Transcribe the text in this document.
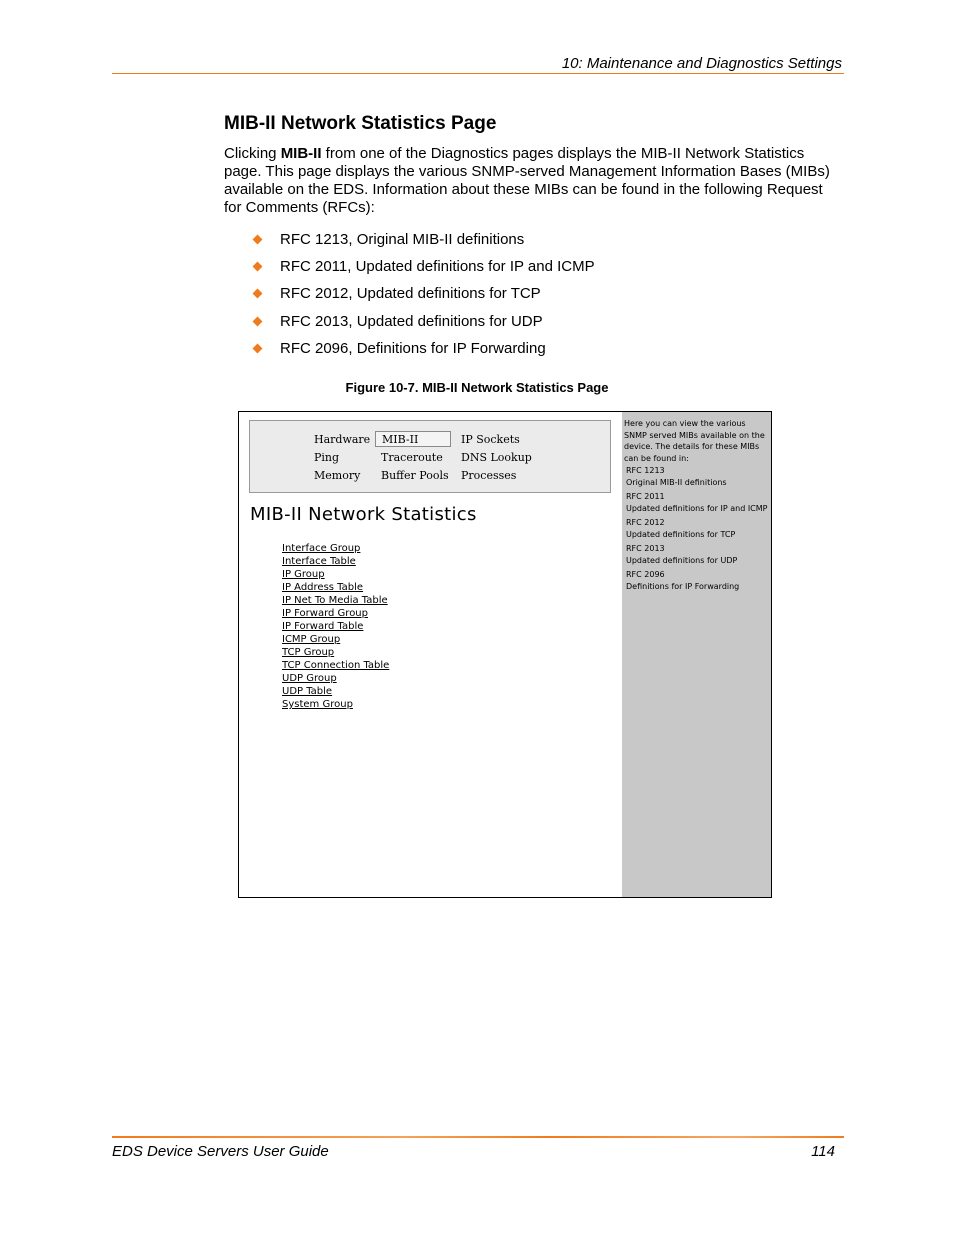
10: Maintenance and Diagnostics Settings
MIB-II Network Statistics Page

Clicking MIB-II from one of the Diagnostics pages displays the MIB-II Network Statistics page. This page displays the various SNMP-served Management Information Bases (MIBs) available on the EDS. Information about these MIBs can be found in the following Request for Comments (RFCs):

RFC 1213, Original MIB-II definitions
RFC 2011, Updated definitions for IP and ICMP
RFC 2012, Updated definitions for TCP
RFC 2013, Updated definitions for UDP
RFC 2096, Definitions for IP Forwarding
Figure 10-7. MIB-II Network Statistics Page
Hardware	MIB-II	IP Sockets
Ping	Traceroute	DNS Lookup
Memory	Buffer Pools	Processes
MIB-II Network Statistics
Interface Group
Interface Table
IP Group
IP Address Table
IP Net To Media Table
IP Forward Group
IP Forward Table
ICMP Group
TCP Group
TCP Connection Table
UDP Group
UDP Table
System Group
Here you can view the various
SNMP served MIBs available on the
device. The details for these MIBs
can be found in:
RFC 1213
Original MIB-II definitions
RFC 2011
Updated definitions for IP and ICMP
RFC 2012
Updated definitions for TCP
RFC 2013
Updated definitions for UDP
RFC 2096
Definitions for IP Forwarding
EDS Device Servers User Guide	114
